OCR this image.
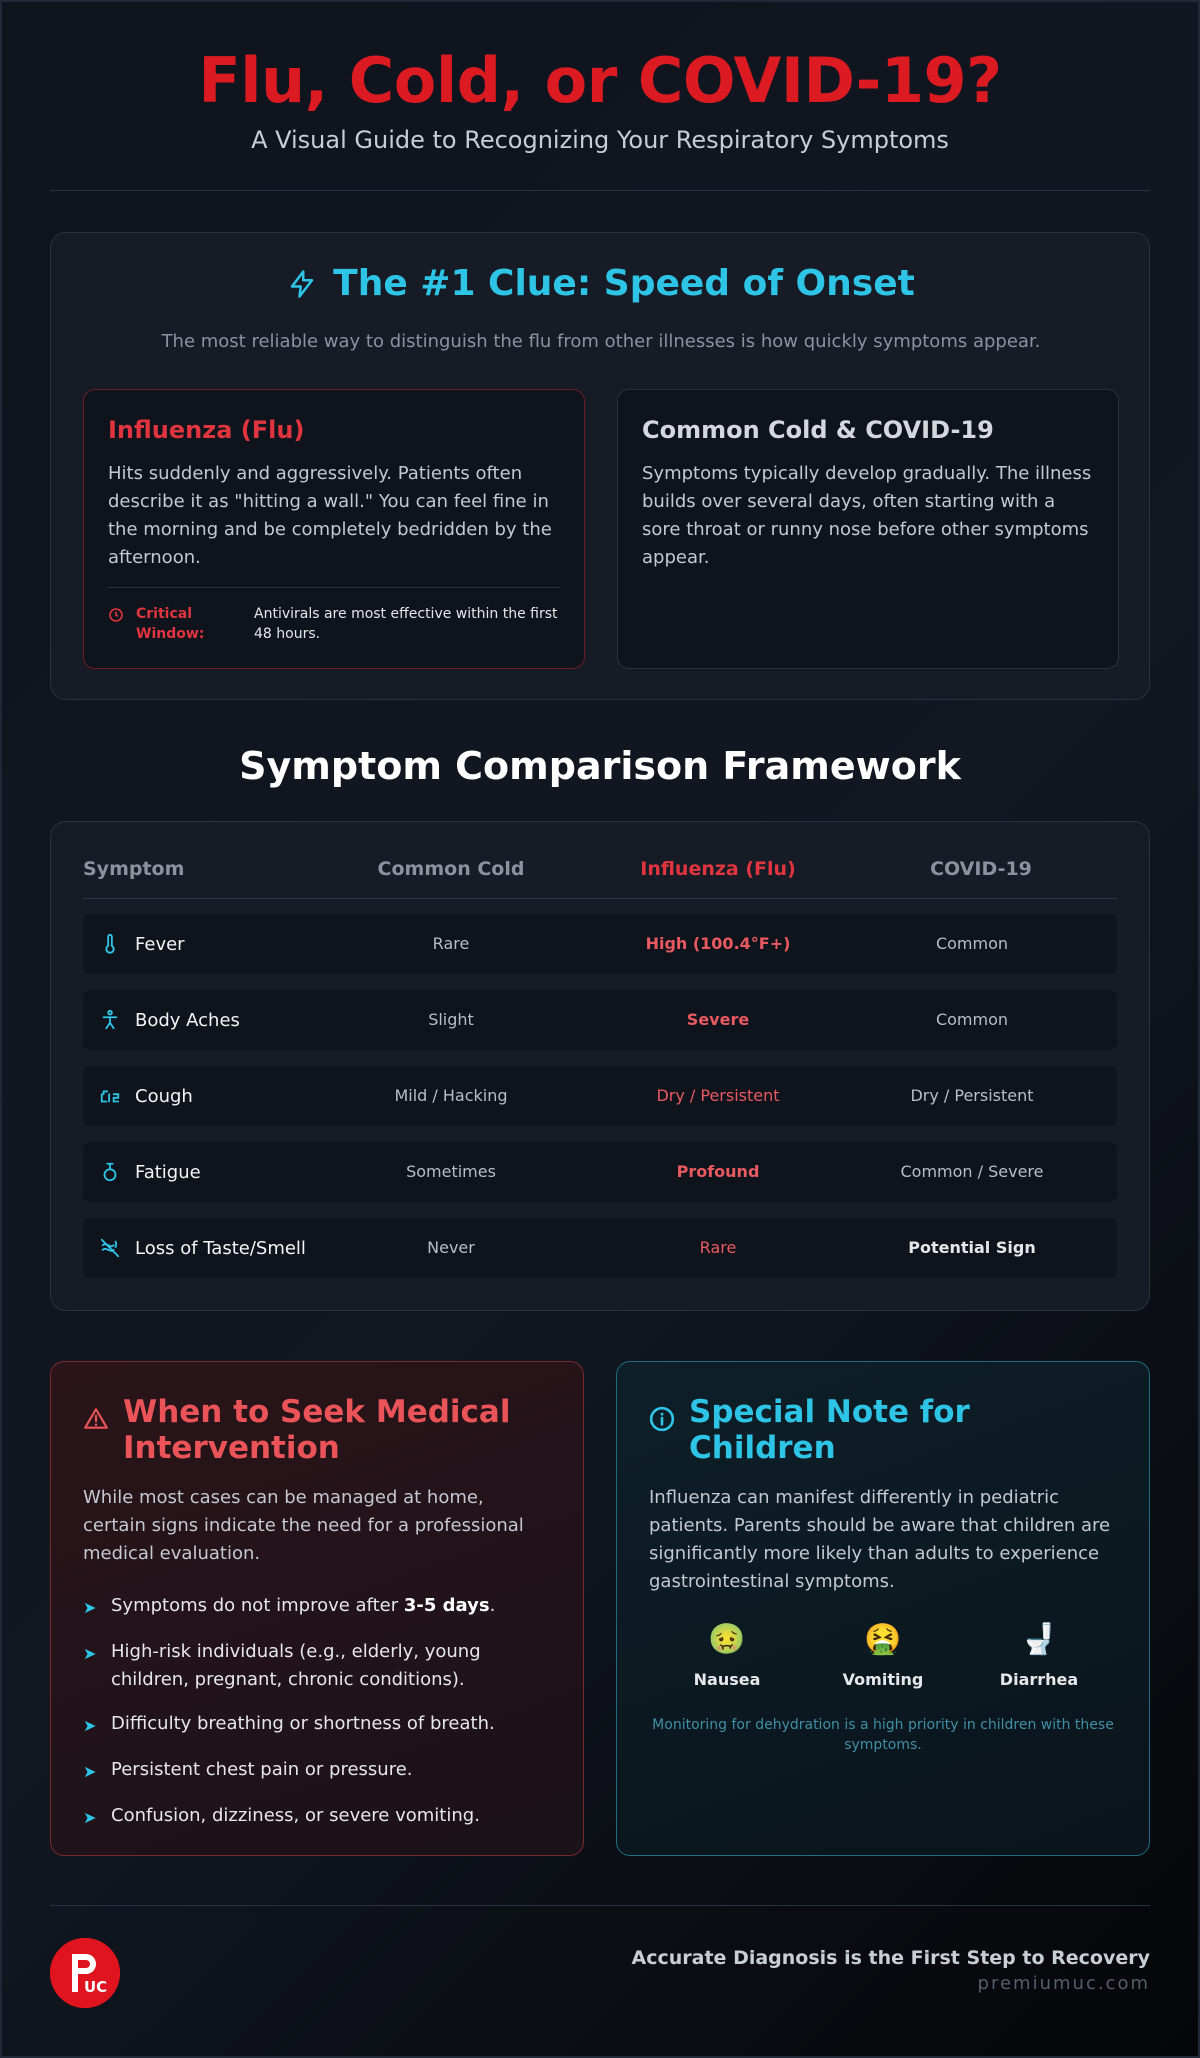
Flu, Cold, or COVID-19?
A Visual Guide to Recognizing Your Respiratory Symptoms
The #1 Clue: Speed of Onset
The most reliable way to distinguish the flu from other illnesses is how quickly symptoms appear.
Influenza (Flu)

Hits suddenly and aggressively. Patients often describe it as "hitting a wall." You can feel fine in the morning and be completely bedridden by the afternoon.

Critical Window:
Antivirals are most effective within the first 48 hours.
Common Cold & COVID-19

Symptoms typically develop gradually. The illness builds over several days, often starting with a sore throat or runny nose before other symptoms appear.

Symptom Comparison Framework
Symptom	Common Cold	Influenza (Flu)	COVID-19
Fever	Rare	High (100.4°F+)	Common
Body Aches	Slight	Severe	Common
Cough	Mild / Hacking	Dry / Persistent	Dry / Persistent
Fatigue	Sometimes	Profound	Common / Severe
Loss of Taste/Smell	Never	Rare	Potential Sign
When to Seek Medical Intervention

While most cases can be managed at home, certain signs indicate the need for a professional medical evaluation.

➤ Symptoms do not improve after 3-5 days.
➤ High-risk individuals (e.g., elderly, young children, pregnant, chronic conditions).
➤ Difficulty breathing or shortness of breath.
➤ Persistent chest pain or pressure.
➤ Confusion, dizziness, or severe vomiting.
Special Note for Children

Influenza can manifest differently in pediatric patients. Parents should be aware that children are significantly more likely than adults to experience gastrointestinal symptoms.

🤢
Nausea
🤮
Vomiting
🚽
Diarrhea
Monitoring for dehydration is a high priority in children with these symptoms.
UC
Accurate Diagnosis is the First Step to Recovery
premiumuc.com
